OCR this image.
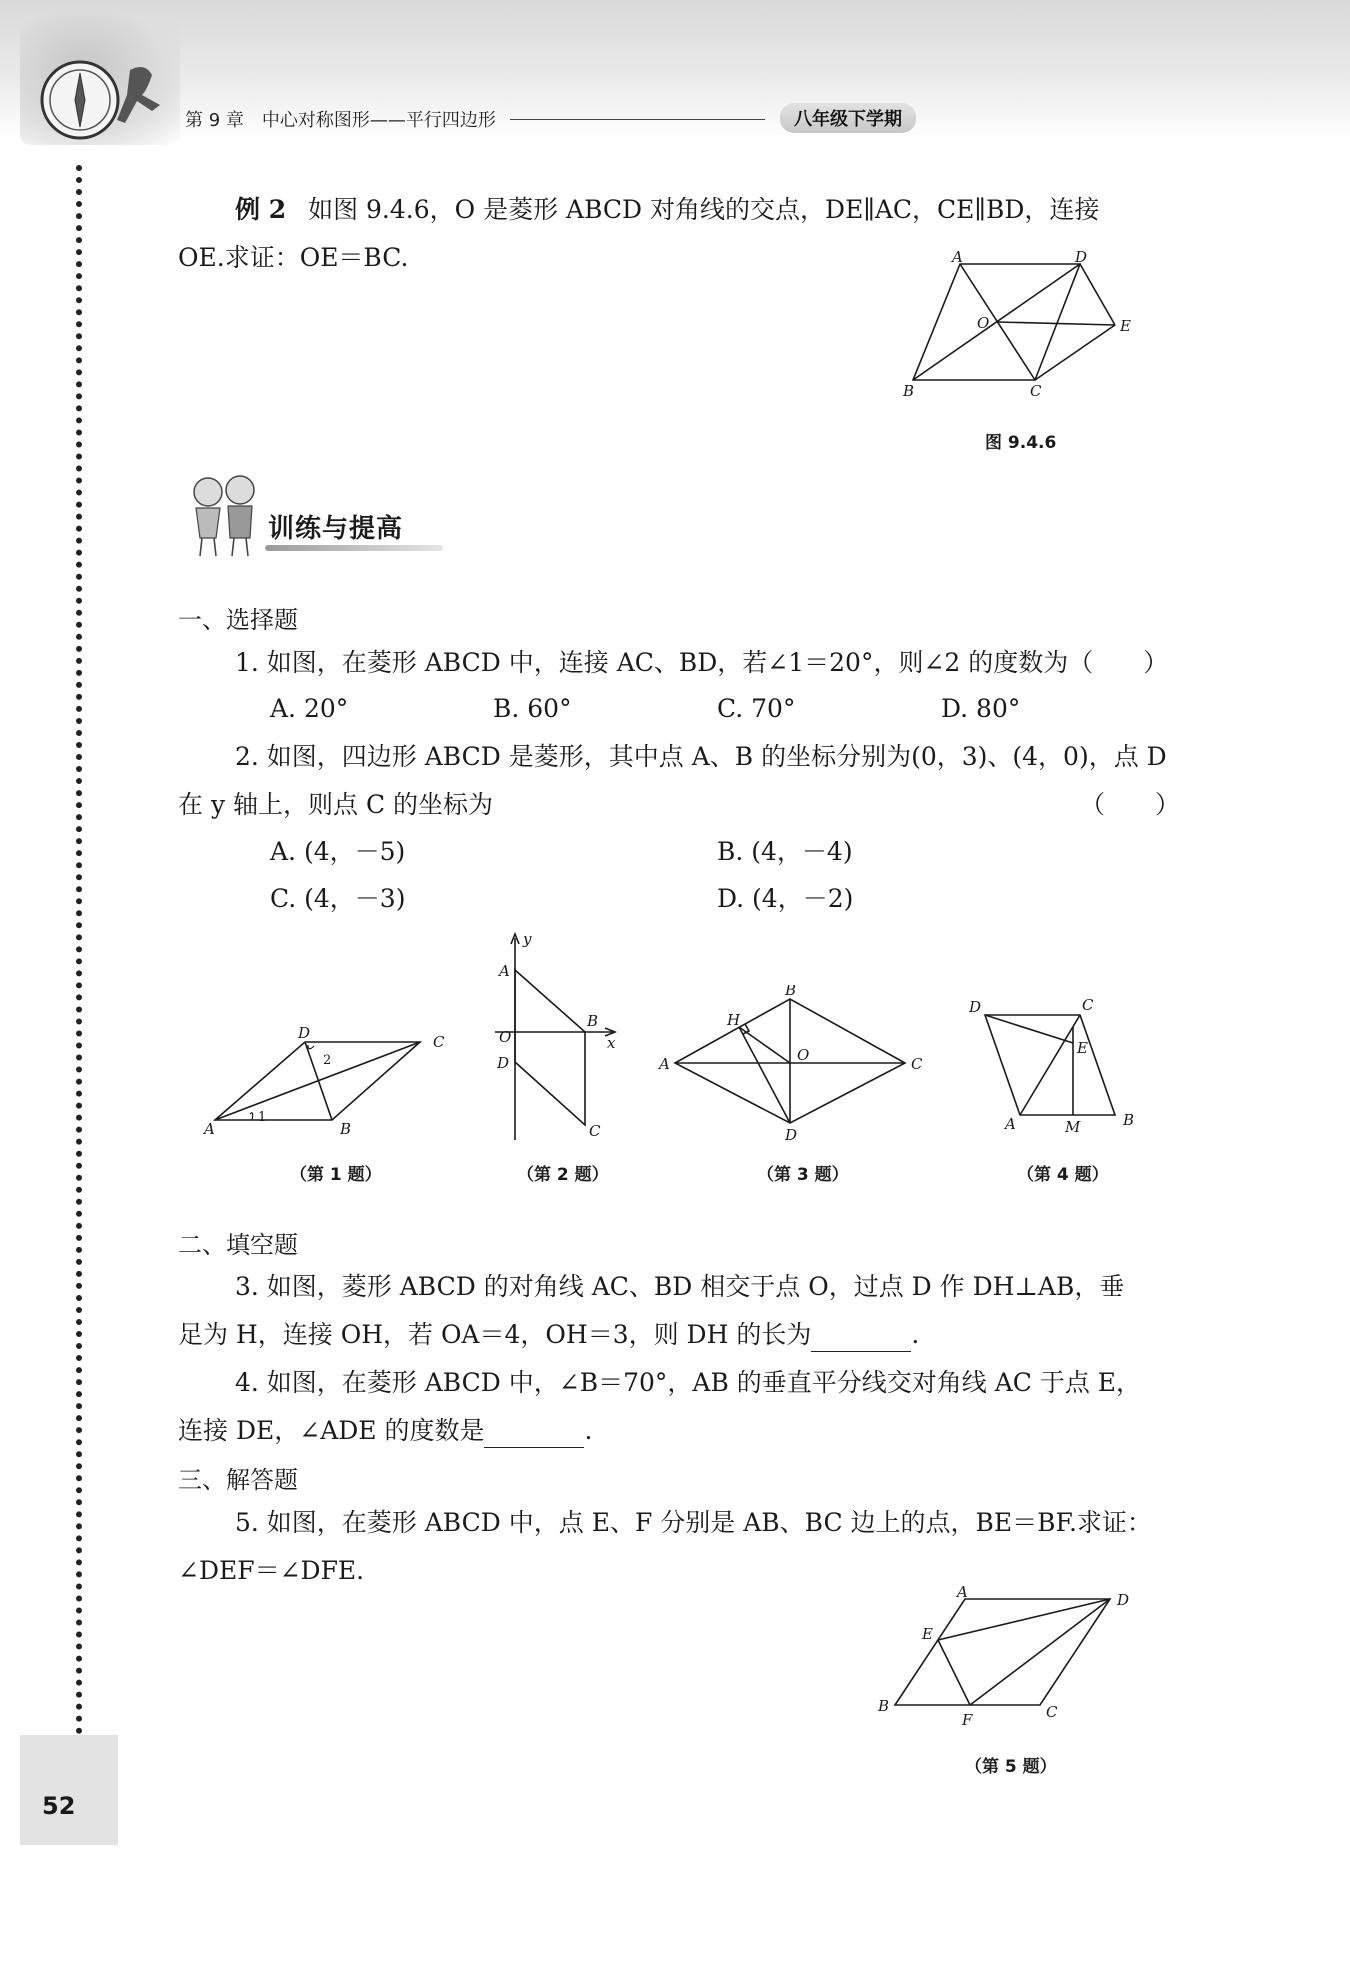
第 9 章　中心对称图形——平行四边形	八年级下学期
52
例 2 如图 9.4.6，O 是菱形 ABCD 对角线的交点，DE∥AC，CE∥BD，连接
OE.求证：OE＝BC.	A	D
O	E
B	C
图 9.4.6
训练与提高
一、选择题
1. 如图，在菱形 ABCD 中，连接 AC、BD，若∠1＝20°，则∠2 的度数为（　　）
A. 20°	B. 60°	C. 70°	D. 80°
2. 如图，四边形 ABCD 是菱形，其中点 A、B 的坐标分别为(0，3)、(4，0)，点 D
在 y 轴上，则点 C 的坐标为	（　　）
A. (4，－5)	B. (4，－4)
C. (4，－3)	D. (4，－2)
D	C
A	B
1
2
y
A
B
O	x
D
C
H
B
O
A	C
D
D	C
E
A	M	B
（第 1 题）	（第 2 题）	（第 3 题）	（第 4 题）
二、填空题
3. 如图，菱形 ABCD 的对角线 AC、BD 相交于点 O，过点 D 作 DH⊥AB，垂
足为 H，连接 OH，若 OA＝4，OH＝3，则 DH 的长为	.
4. 如图，在菱形 ABCD 中，∠B＝70°，AB 的垂直平分线交对角线 AC 于点 E，
连接 DE，∠ADE 的度数是	.
三、解答题
5. 如图，在菱形 ABCD 中，点 E、F 分别是 AB、BC 边上的点，BE＝BF.求证：
∠DEF＝∠DFE.
A	D
E
B
F	C
（第 5 题）
